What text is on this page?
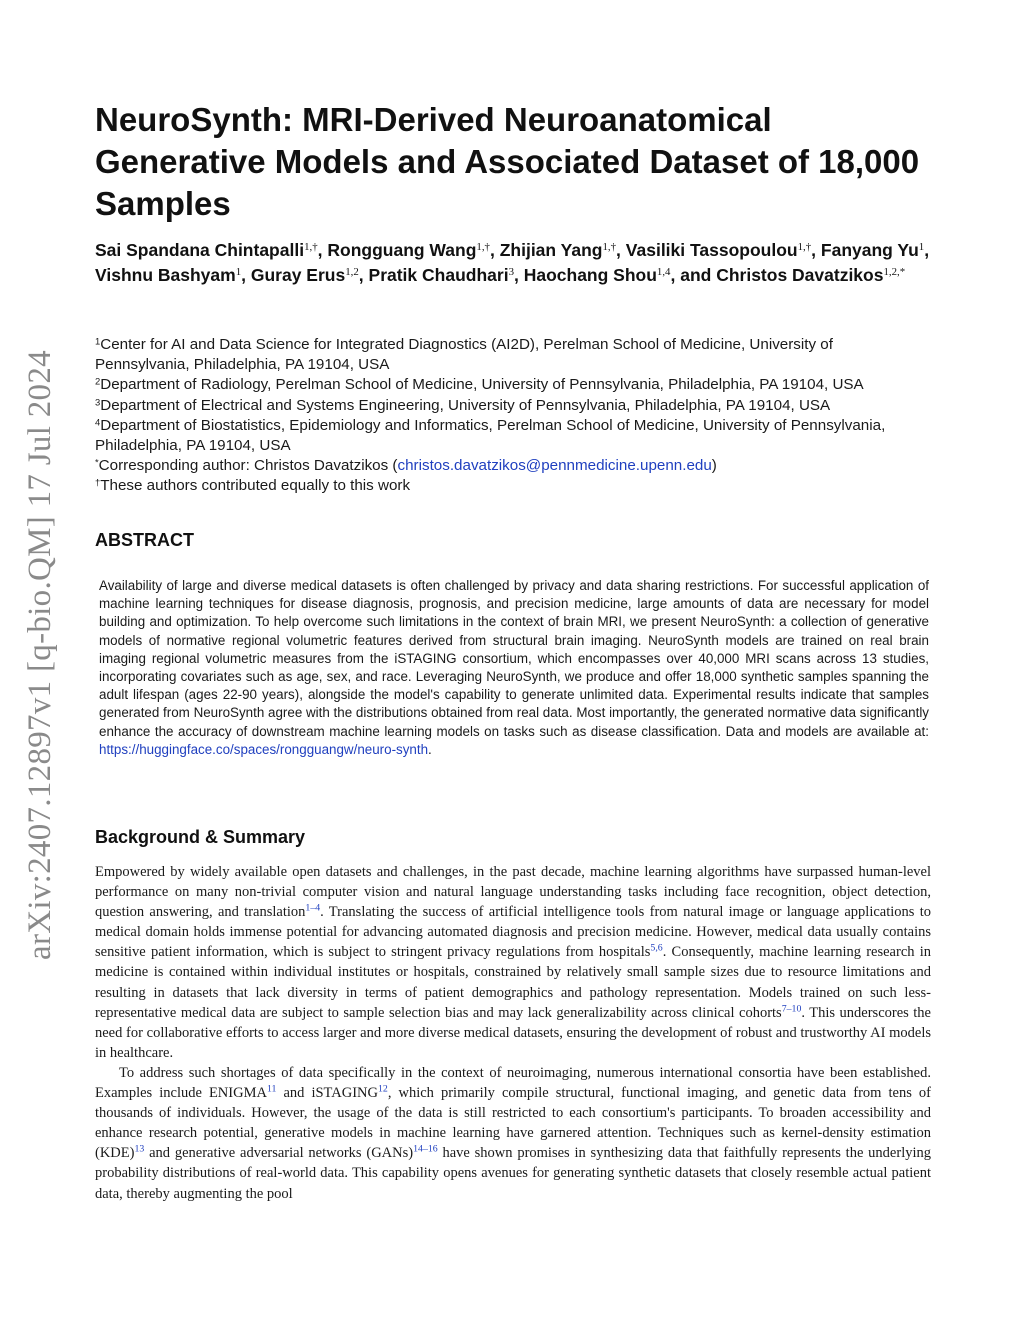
arXiv:2407.12897v1 [q-bio.QM] 17 Jul 2024
NeuroSynth: MRI-Derived Neuroanatomical Generative Models and Associated Dataset of 18,000 Samples
Sai Spandana Chintapalli$^{1,\dagger}$, Rongguang Wang$^{1,\dagger}$, Zhijian Yang$^{1,\dagger}$, Vasiliki Tassopoulou$^{1,\dagger}$, Fanyang Yu$^1$, Vishnu Bashyam$^1$, Guray Erus$^{1,2}$, Pratik Chaudhari$^3$, Haochang Shou$^{1,4}$, and Christos Davatzikos$^{1,2,*}$

$^1$Center for AI and Data Science for Integrated Diagnostics (AI2D), Perelman School of Medicine, University of Pennsylvania, Philadelphia, PA 19104, USA

$^2$Department of Radiology, Perelman School of Medicine, University of Pennsylvania, Philadelphia, PA 19104, USA

$^3$Department of Electrical and Systems Engineering, University of Pennsylvania, Philadelphia, PA 19104, USA

$^4$Department of Biostatistics, Epidemiology and Informatics, Perelman School of Medicine, University of Pennsylvania, Philadelphia, PA 19104, USA

*Corresponding author: Christos Davatzikos (christos.davatzikos@pennmedicine.upenn.edu)

†These authors contributed equally to this work

ABSTRACT
Availability of large and diverse medical datasets is often challenged by privacy and data sharing restrictions. For successful application of machine learning techniques for disease diagnosis, prognosis, and precision medicine, large amounts of data are necessary for model building and optimization. To help overcome such limitations in the context of brain MRI, we present NeuroSynth: a collection of generative models of normative regional volumetric features derived from structural brain imaging. NeuroSynth models are trained on real brain imaging regional volumetric measures from the iSTAGING consortium, which encompasses over 40,000 MRI scans across 13 studies, incorporating covariates such as age, sex, and race. Leveraging NeuroSynth, we produce and offer 18,000 synthetic samples spanning the adult lifespan (ages 22-90 years), alongside the model's capability to generate unlimited data. Experimental results indicate that samples generated from NeuroSynth agree with the distributions obtained from real data. Most importantly, the generated normative data significantly enhance the accuracy of downstream machine learning models on tasks such as disease classification. Data and models are available at: https://huggingface.co/spaces/rongguangw/neuro-synth.
Background & Summary

Empowered by widely available open datasets and challenges, in the past decade, machine learning algorithms have surpassed human-level performance on many non-trivial computer vision and natural language understanding tasks including face recognition, object detection, question answering, and translation$^{1-4}$. Translating the success of artificial intelligence tools from natural image or language applications to medical domain holds immense potential for advancing automated diagnosis and precision medicine. However, medical data usually contains sensitive patient information, which is subject to stringent privacy regulations from hospitals$^{5,6}$. Consequently, machine learning research in medicine is contained within individual institutes or hospitals, constrained by relatively small sample sizes due to resource limitations and resulting in datasets that lack diversity in terms of patient demographics and pathology representation. Models trained on such less-representative medical data are subject to sample selection bias and may lack generalizability across clinical cohorts$^{7-10}$. This underscores the need for collaborative efforts to access larger and more diverse medical datasets, ensuring the development of robust and trustworthy AI models in healthcare.

To address such shortages of data specifically in the context of neuroimaging, numerous international consortia have been established. Examples include ENIGMA$^{11}$ and iSTAGING$^{12}$, which primarily compile structural, functional imaging, and genetic data from tens of thousands of individuals. However, the usage of the data is still restricted to each consortium's participants. To broaden accessibility and enhance research potential, generative models in machine learning have garnered attention. Techniques such as kernel-density estimation (KDE)$^{13}$ and generative adversarial networks (GANs)$^{14-16}$ have shown promises in synthesizing data that faithfully represents the underlying probability distributions of real-world data. This capability opens avenues for generating synthetic datasets that closely resemble actual patient data, thereby augmenting the pool
